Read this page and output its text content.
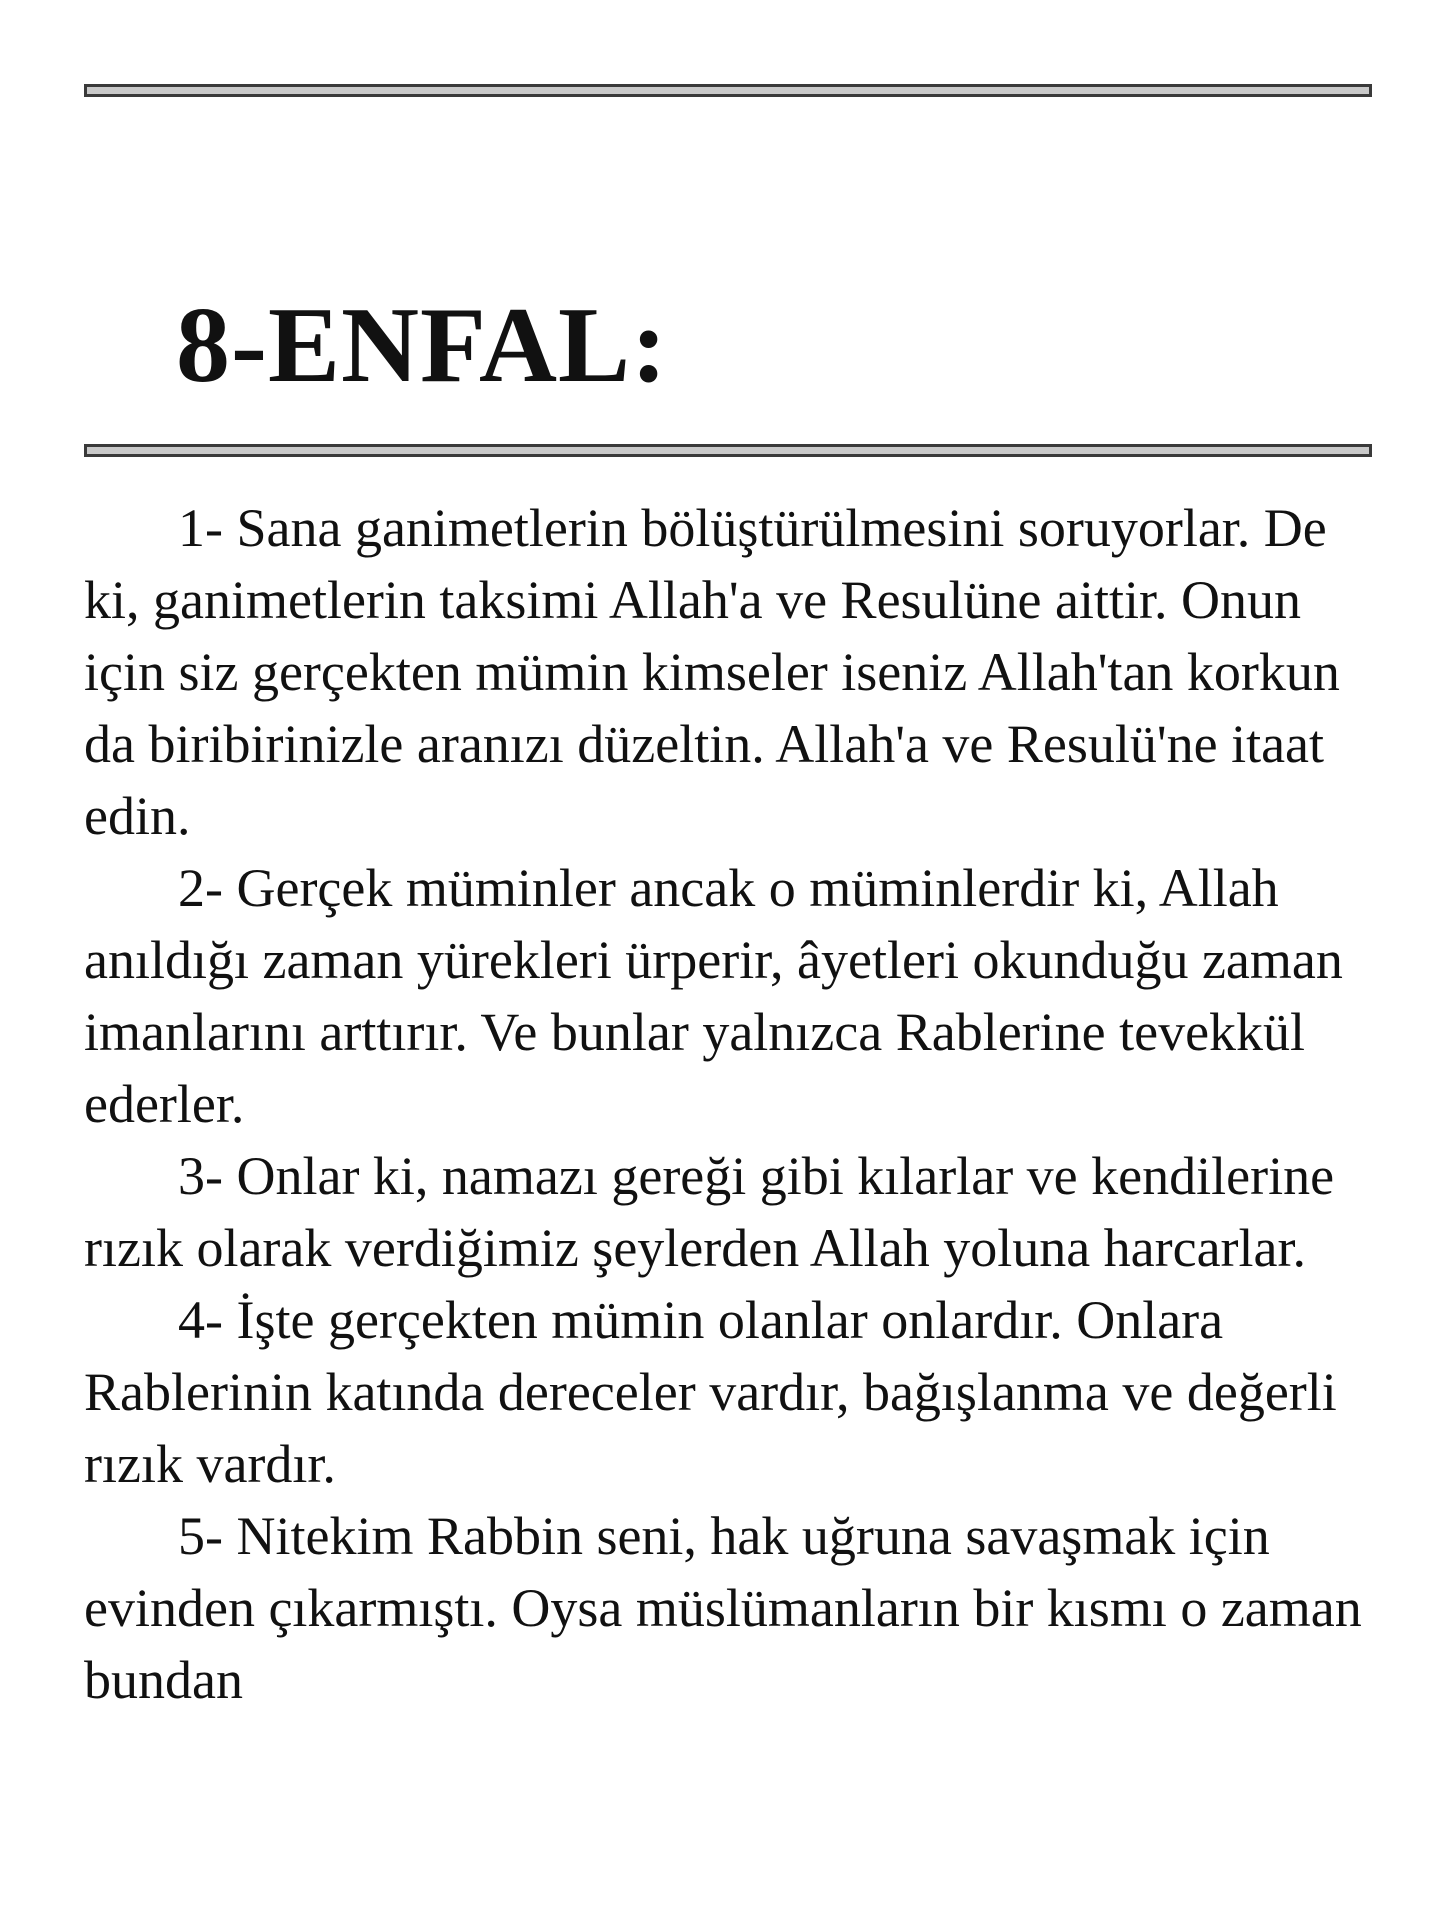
8-ENFAL:

1- Sana ganimetlerin bölüştürülmesini soruyorlar. De ki, ganimetlerin taksimi Allah'a ve Resulüne aittir. Onun için siz gerçekten mümin kimseler iseniz Allah'tan korkun da biribirinizle aranızı düzeltin. Allah'a ve Resulü'ne itaat edin.

2- Gerçek müminler ancak o müminlerdir ki, Allah anıldığı zaman yürekleri ürperir, âyetleri okunduğu zaman imanlarını arttırır. Ve bunlar yalnızca Rablerine tevekkül ederler.

3- Onlar ki, namazı gereği gibi kılarlar ve kendilerine rızık olarak verdiğimiz şeylerden Allah yoluna harcarlar.

4- İşte gerçekten mümin olanlar onlardır. Onlara Rablerinin katında dereceler vardır, bağışlanma ve değerli rızık vardır.

5- Nitekim Rabbin seni, hak uğruna savaşmak için evinden çıkarmıştı. Oysa müslümanların bir kısmı o zaman bundan
